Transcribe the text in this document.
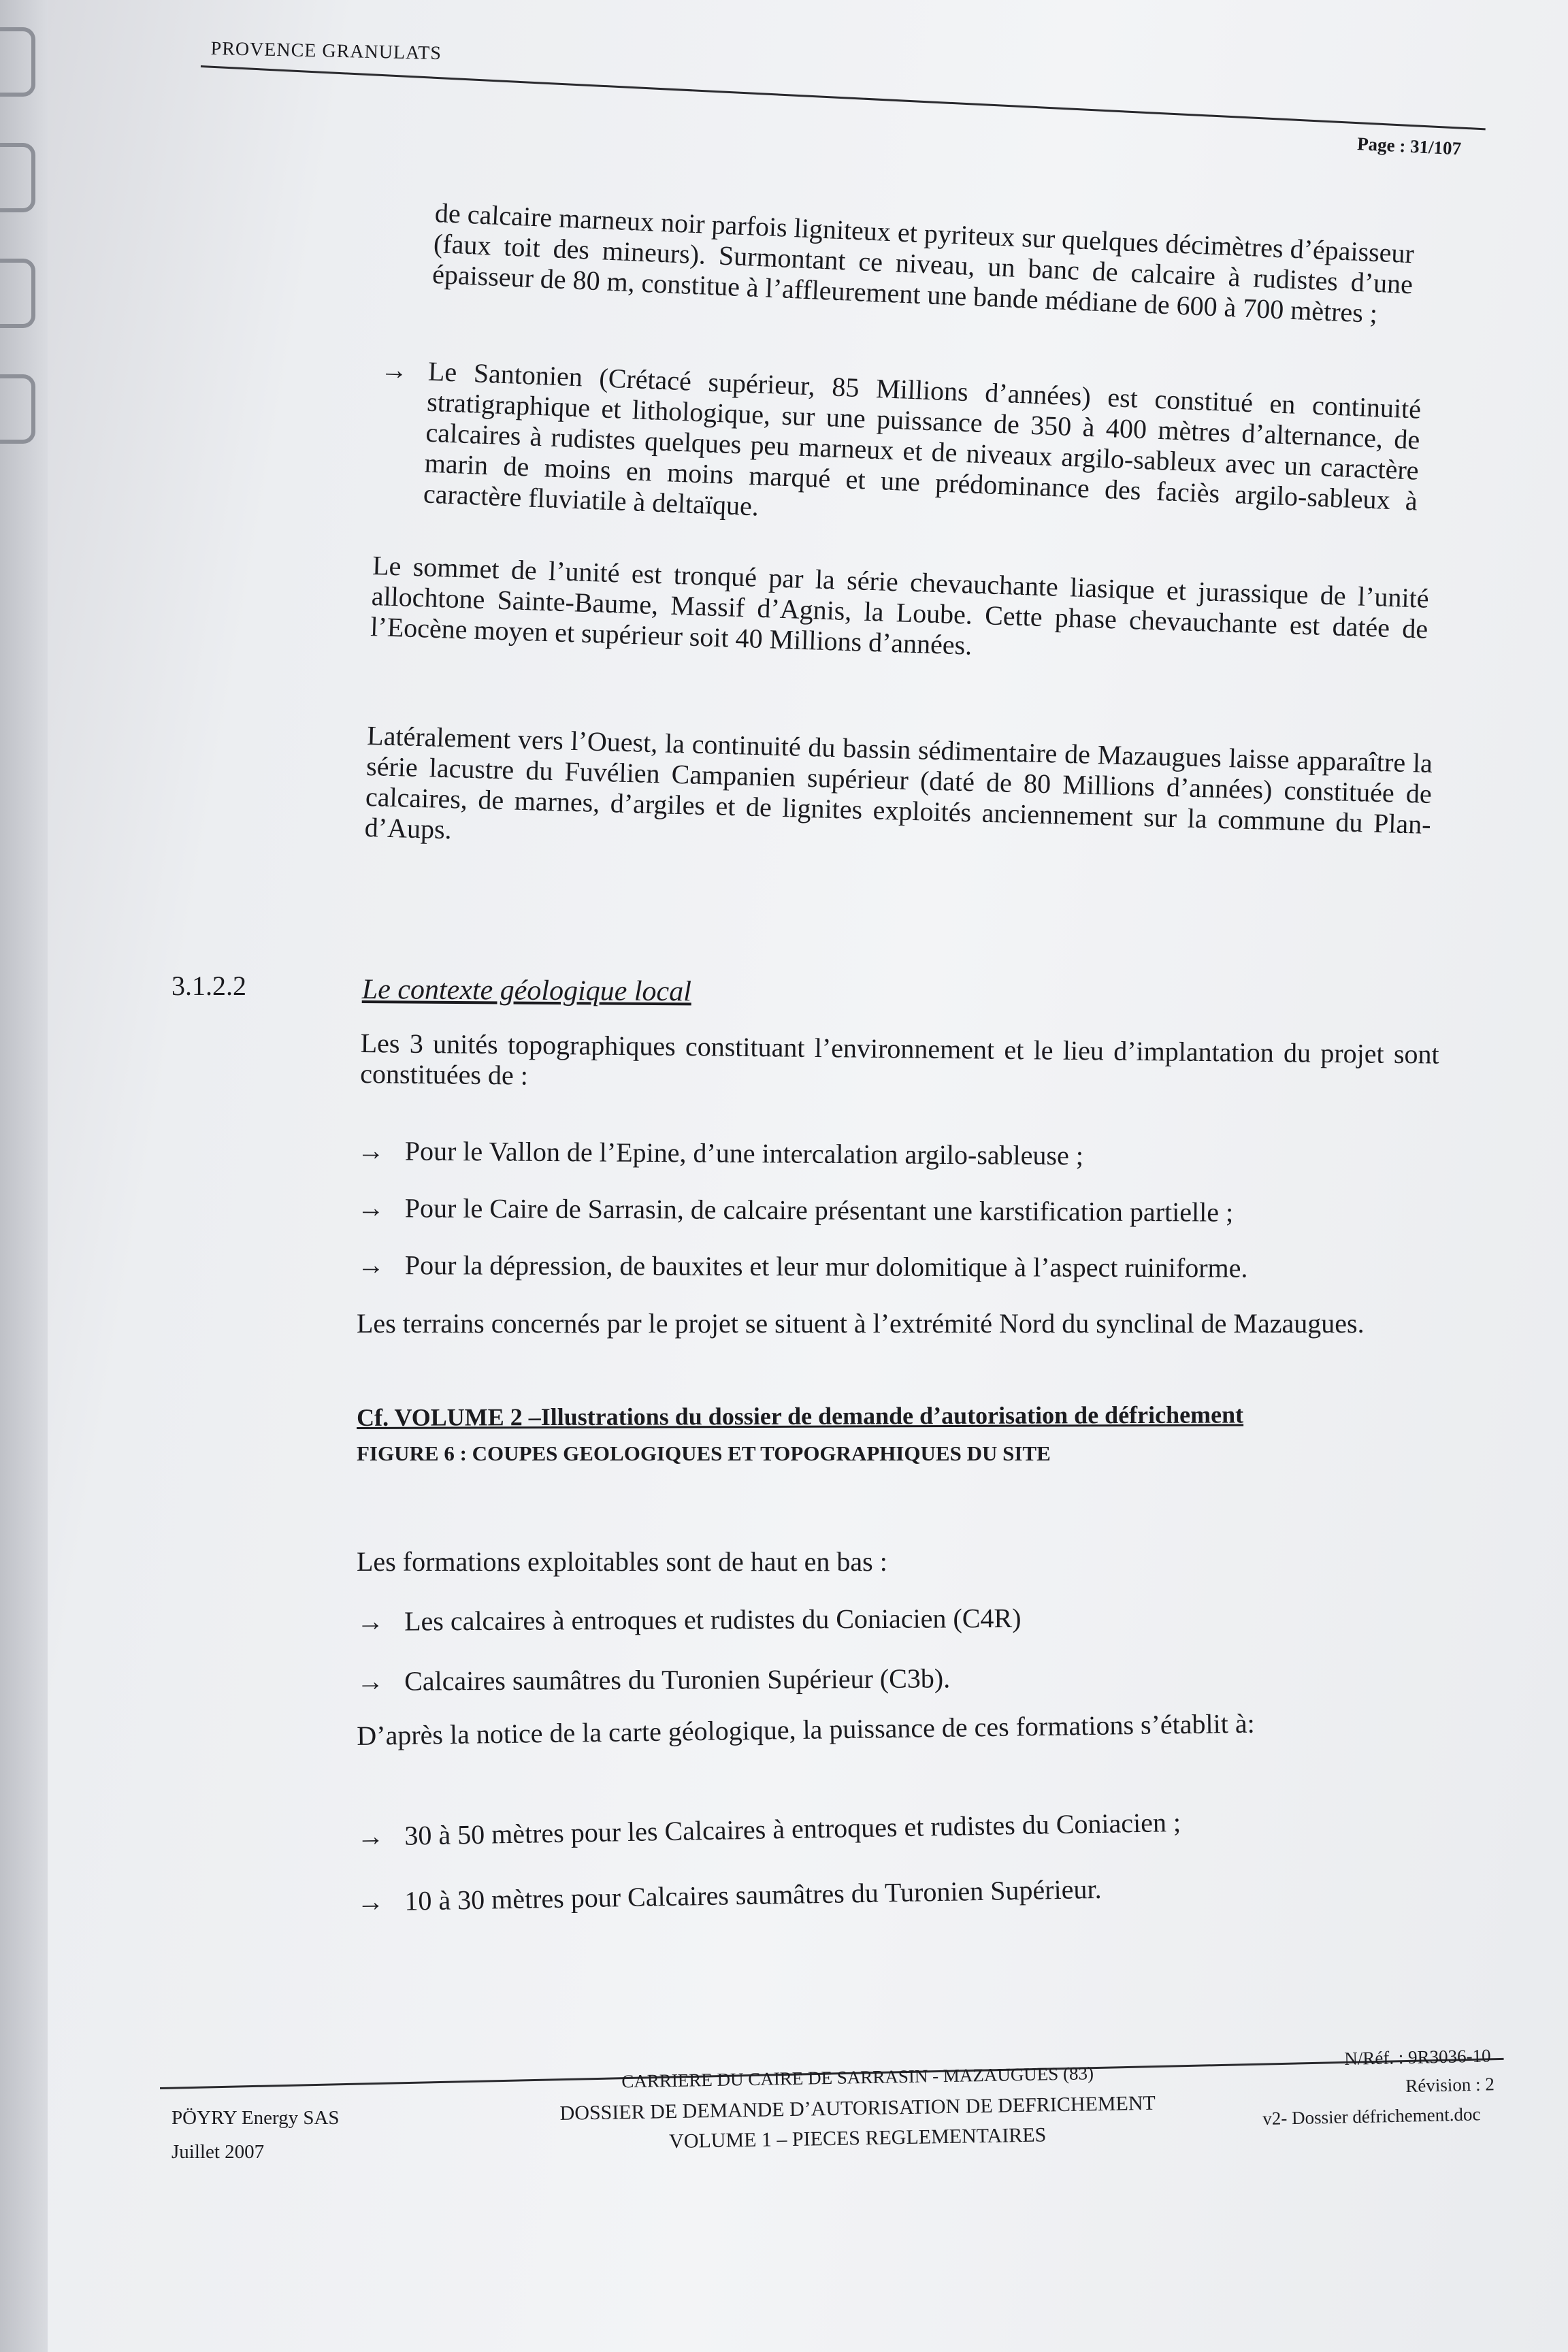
PROVENCE GRANULATS
Page : 31/107
de calcaire marneux noir parfois ligniteux et pyriteux sur quelques décimètres d’épaisseur (faux toit des mineurs). Surmontant ce niveau, un banc de calcaire à rudistes d’une épaisseur de 80 m, constitue à l’affleurement une bande médiane de 600 à 700 mètres ;
→ Le Santonien (Crétacé supérieur, 85 Millions d’années) est constitué en continuité stratigraphique et lithologique, sur une puissance de 350 à 400 mètres d’alternance, de calcaires à rudistes quelques peu marneux et de niveaux argilo-sableux avec un caractère marin de moins en moins marqué et une prédominance des faciès argilo-sableux à caractère fluviatile à deltaïque.
Le sommet de l’unité est tronqué par la série chevauchante liasique et jurassique de l’unité allochtone Sainte-Baume, Massif d’Agnis, la Loube. Cette phase chevauchante est datée de l’Eocène moyen et supérieur soit 40 Millions d’années.
Latéralement vers l’Ouest, la continuité du bassin sédimentaire de Mazaugues laisse apparaître la série lacustre du Fuvélien Campanien supérieur (daté de 80 Millions d’années) constituée de calcaires, de marnes, d’argiles et de lignites exploités anciennement sur la commune du Plan-d’Aups.
3.1.2.2	Le contexte géologique local
Les 3 unités topographiques constituant l’environnement et le lieu d’implantation du projet sont constituées de :
→ Pour le Vallon de l’Epine, d’une intercalation argilo-sableuse ;
→ Pour le Caire de Sarrasin, de calcaire présentant une karstification partielle ;
→ Pour la dépression, de bauxites et leur mur dolomitique à l’aspect ruiniforme.
Les terrains concernés par le projet se situent à l’extrémité Nord du synclinal de Mazaugues.
Cf. VOLUME 2 –Illustrations du dossier de demande d’autorisation de défrichement
FIGURE 6 : COUPES GEOLOGIQUES ET TOPOGRAPHIQUES DU SITE
Les formations exploitables sont de haut en bas :
→ Les calcaires à entroques et rudistes du Coniacien (C4R)
→ Calcaires saumâtres du Turonien Supérieur (C3b).
D’après la notice de la carte géologique, la puissance de ces formations s’établit à:
→ 30 à 50 mètres pour les Calcaires à entroques et rudistes du Coniacien ;
→ 10 à 30 mètres pour Calcaires saumâtres du Turonien Supérieur.
PÖYRY Energy SAS
Juillet 2007
CARRIERE DU CAIRE DE SARRASIN - MAZAUGUES (83)
DOSSIER DE DEMANDE D’AUTORISATION DE DEFRICHEMENT
VOLUME 1 – PIECES REGLEMENTAIRES
N/Réf. : 9R3036-10
Révision : 2
v2- Dossier défrichement.doc
